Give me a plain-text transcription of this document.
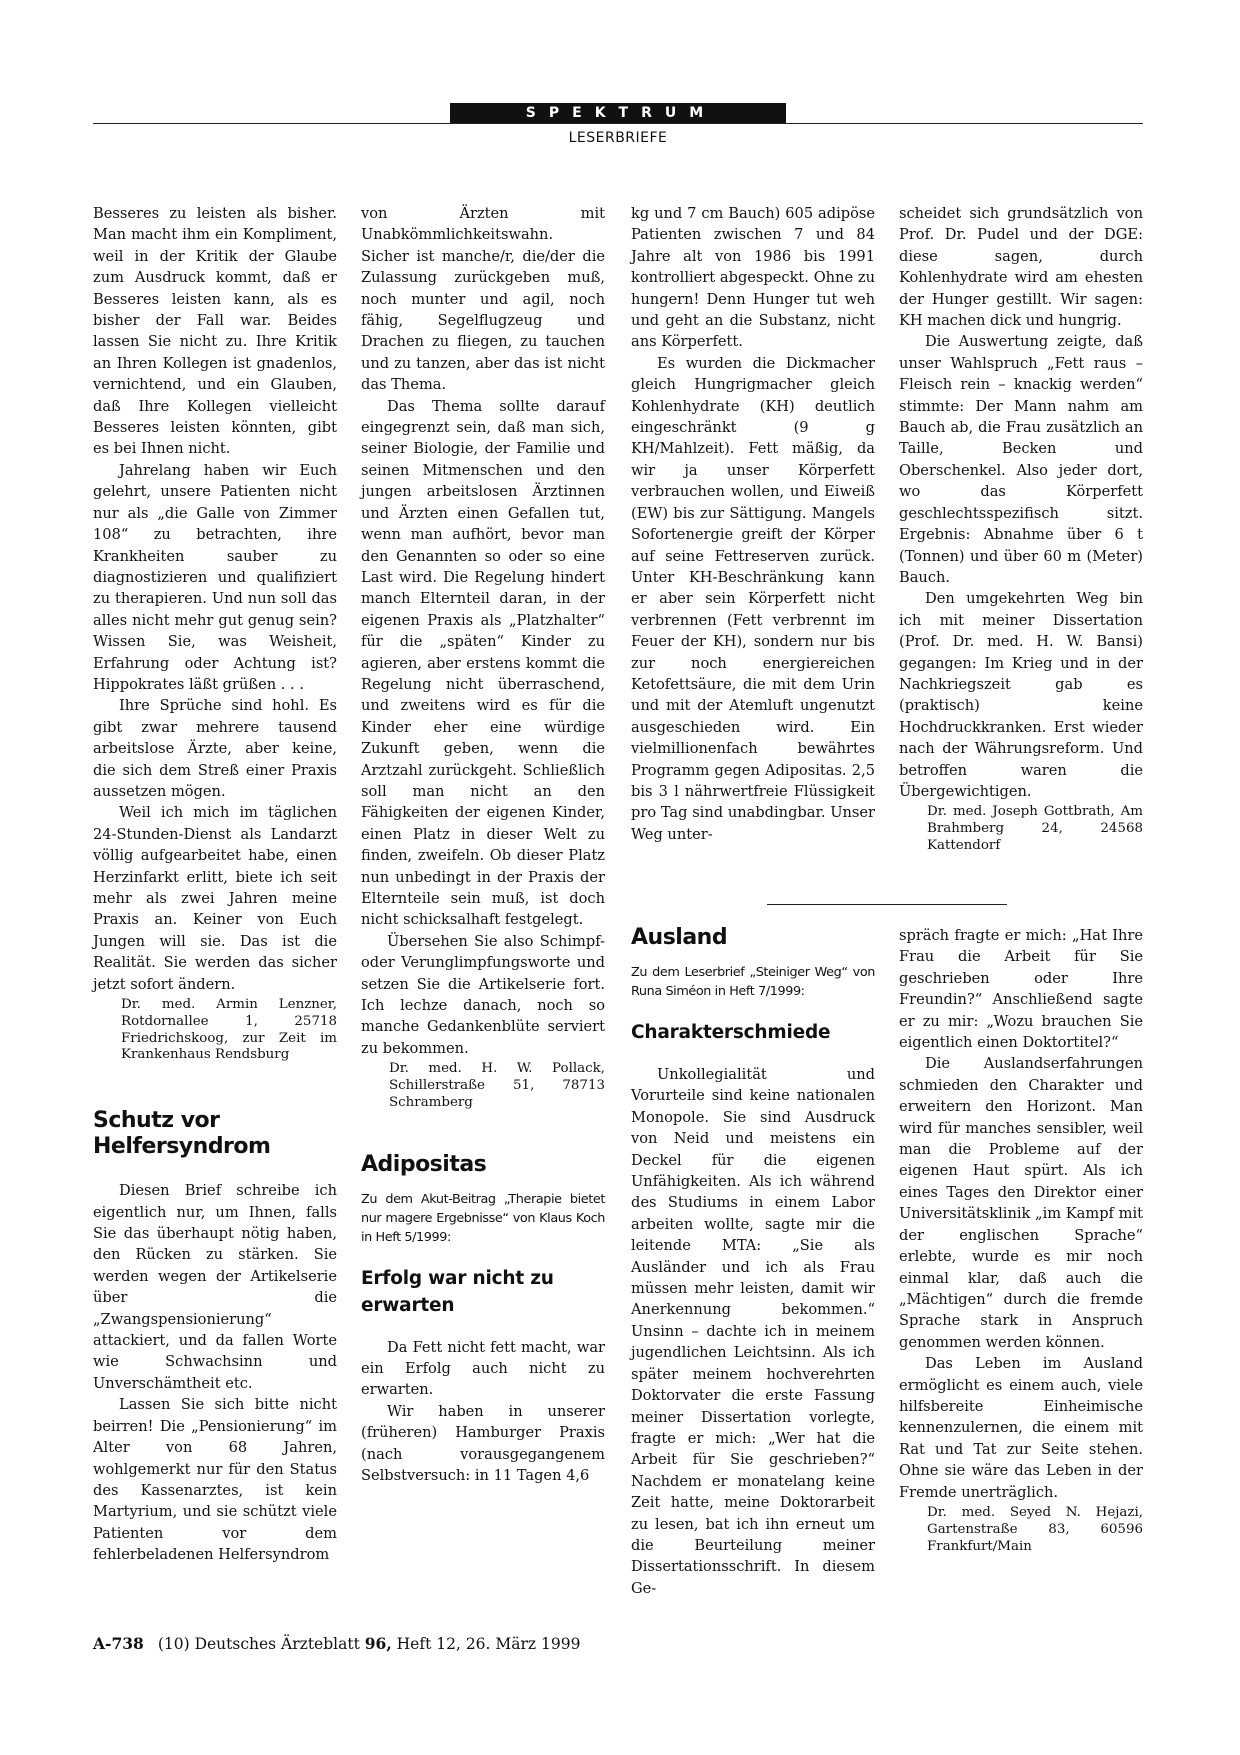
SPEKTRUM
LESERBRIEFE

Besseres zu leisten als bisher. Man macht ihm ein Kompliment, weil in der Kritik der Glaube zum Ausdruck kommt, daß er Besseres leisten kann, als es bisher der Fall war. Beides lassen Sie nicht zu. Ihre Kritik an Ihren Kollegen ist gnadenlos, vernichtend, und ein Glauben, daß Ihre Kollegen vielleicht Besseres leisten könnten, gibt es bei Ihnen nicht.

Jahrelang haben wir Euch gelehrt, unsere Patienten nicht nur als „die Galle von Zimmer 108“ zu betrachten, ihre Krankheiten sauber zu diagnostizieren und qualifiziert zu therapieren. Und nun soll das alles nicht mehr gut genug sein? Wissen Sie, was Weisheit, Erfahrung oder Achtung ist? Hippokrates läßt grüßen . . .

Ihre Sprüche sind hohl. Es gibt zwar mehrere tausend arbeitslose Ärzte, aber keine, die sich dem Streß einer Praxis aussetzen mögen.

Weil ich mich im täglichen 24-Stunden-Dienst als Landarzt völlig aufgearbeitet habe, einen Herzinfarkt erlitt, biete ich seit mehr als zwei Jahren meine Praxis an. Keiner von Euch Jungen will sie. Das ist die Realität. Sie werden das sicher jetzt sofort ändern.

Dr. med. Armin Lenzner, Rotdornallee 1, 25718 Friedrichskoog, zur Zeit im Krankenhaus Rendsburg
Schutz vor Helfersyndrom

Diesen Brief schreibe ich eigentlich nur, um Ihnen, falls Sie das überhaupt nötig haben, den Rücken zu stärken. Sie werden wegen der Artikelserie über die „Zwangspensionierung“ attackiert, und da fallen Worte wie Schwachsinn und Unverschämtheit etc.

Lassen Sie sich bitte nicht beirren! Die „Pensionierung“ im Alter von 68 Jahren, wohlgemerkt nur für den Status des Kassenarztes, ist kein Martyrium, und sie schützt viele Patienten vor dem fehlerbeladenen Helfersyndrom

von Ärzten mit Unabkömmlichkeitswahn. Sicher ist manche/r, die/der die Zulassung zurückgeben muß, noch munter und agil, noch fähig, Segelflugzeug und Drachen zu fliegen, zu tauchen und zu tanzen, aber das ist nicht das Thema.

Das Thema sollte darauf eingegrenzt sein, daß man sich, seiner Biologie, der Familie und seinen Mitmenschen und den jungen arbeitslosen Ärztinnen und Ärzten einen Gefallen tut, wenn man aufhört, bevor man den Genannten so oder so eine Last wird. Die Regelung hindert manch Elternteil daran, in der eigenen Praxis als „Platzhalter“ für die „späten“ Kinder zu agieren, aber erstens kommt die Regelung nicht überraschend, und zweitens wird es für die Kinder eher eine würdige Zukunft geben, wenn die Arztzahl zurückgeht. Schließlich soll man nicht an den Fähigkeiten der eigenen Kinder, einen Platz in dieser Welt zu finden, zweifeln. Ob dieser Platz nun unbedingt in der Praxis der Elternteile sein muß, ist doch nicht schicksalhaft festgelegt.

Übersehen Sie also Schimpf- oder Verunglimpfungsworte und setzen Sie die Artikelserie fort. Ich lechze danach, noch so manche Gedankenblüte serviert zu bekommen.

Dr. med. H. W. Pollack, Schillerstraße 51, 78713 Schramberg
Adipositas
Zu dem Akut-Beitrag „Therapie bietet nur magere Ergebnisse“ von Klaus Koch in Heft 5/1999:
Erfolg war nicht zu erwarten

Da Fett nicht fett macht, war ein Erfolg auch nicht zu erwarten.

Wir haben in unserer (früheren) Hamburger Praxis (nach vorausgegangenem Selbstversuch: in 11 Tagen 4,6

kg und 7 cm Bauch) 605 adipöse Patienten zwischen 7 und 84 Jahre alt von 1986 bis 1991 kontrolliert abgespeckt. Ohne zu hungern! Denn Hunger tut weh und geht an die Substanz, nicht ans Körperfett.

Es wurden die Dickmacher gleich Hungrigmacher gleich Kohlenhydrate (KH) deutlich eingeschränkt (9 g KH/Mahlzeit). Fett mäßig, da wir ja unser Körperfett verbrauchen wollen, und Eiweiß (EW) bis zur Sättigung. Mangels Sofortenergie greift der Körper auf seine Fettreserven zurück. Unter KH-Beschränkung kann er aber sein Körperfett nicht verbrennen (Fett verbrennt im Feuer der KH), sondern nur bis zur noch energiereichen Ketofettsäure, die mit dem Urin und mit der Atemluft ungenutzt ausgeschieden wird. Ein vielmillionenfach bewährtes Programm gegen Adipositas. 2,5 bis 3 l nährwertfreie Flüssigkeit pro Tag sind unabdingbar. Unser Weg unter-

scheidet sich grundsätzlich von Prof. Dr. Pudel und der DGE: diese sagen, durch Kohlenhydrate wird am ehesten der Hunger gestillt. Wir sagen: KH machen dick und hungrig.

Die Auswertung zeigte, daß unser Wahlspruch „Fett raus – Fleisch rein – knackig werden“ stimmte: Der Mann nahm am Bauch ab, die Frau zusätzlich an Taille, Becken und Oberschenkel. Also jeder dort, wo das Körperfett geschlechtsspezifisch sitzt. Ergebnis: Abnahme über 6 t (Tonnen) und über 60 m (Meter) Bauch.

Den umgekehrten Weg bin ich mit meiner Dissertation (Prof. Dr. med. H. W. Bansi) gegangen: Im Krieg und in der Nachkriegszeit gab es (praktisch) keine Hochdruckkranken. Erst wieder nach der Währungsreform. Und betroffen waren die Übergewichtigen.

Dr. med. Joseph Gottbrath, Am Brahmberg 24, 24568 Kattendorf
Ausland
Zu dem Leserbrief „Steiniger Weg“ von Runa Siméon in Heft 7/1999:
Charakterschmiede

Unkollegialität und Vorurteile sind keine nationalen Monopole. Sie sind Ausdruck von Neid und meistens ein Deckel für die eigenen Unfähigkeiten. Als ich während des Studiums in einem Labor arbeiten wollte, sagte mir die leitende MTA: „Sie als Ausländer und ich als Frau müssen mehr leisten, damit wir Anerkennung bekommen.“ Unsinn – dachte ich in meinem jugendlichen Leichtsinn. Als ich später meinem hochverehrten Doktorvater die erste Fassung meiner Dissertation vorlegte, fragte er mich: „Wer hat die Arbeit für Sie geschrieben?“ Nachdem er monatelang keine Zeit hatte, meine Doktorarbeit zu lesen, bat ich ihn erneut um die Beurteilung meiner Dissertationsschrift. In diesem Ge-

spräch fragte er mich: „Hat Ihre Frau die Arbeit für Sie geschrieben oder Ihre Freundin?“ Anschließend sagte er zu mir: „Wozu brauchen Sie eigentlich einen Doktortitel?“

Die Auslandserfahrungen schmieden den Charakter und erweitern den Horizont. Man wird für manches sensibler, weil man die Probleme auf der eigenen Haut spürt. Als ich eines Tages den Direktor einer Universitätsklinik „im Kampf mit der englischen Sprache“ erlebte, wurde es mir noch einmal klar, daß auch die „Mächtigen“ durch die fremde Sprache stark in Anspruch genommen werden können.

Das Leben im Ausland ermöglicht es einem auch, viele hilfsbereite Einheimische kennenzulernen, die einem mit Rat und Tat zur Seite stehen. Ohne sie wäre das Leben in der Fremde unerträglich.

Dr. med. Seyed N. Hejazi, Gartenstraße 83, 60596 Frankfurt/Main
A-738 (10) Deutsches Ärzteblatt 96, Heft 12, 26. März 1999
